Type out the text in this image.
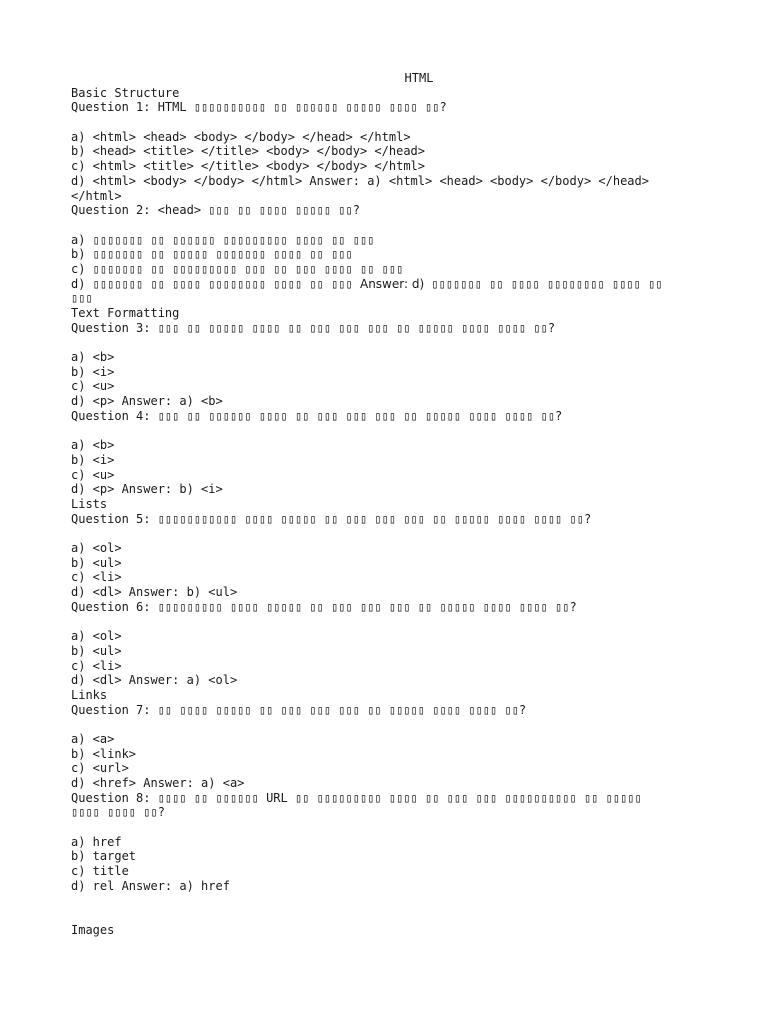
HTML
Basic Structure
Question 1: HTML ▯▯▯▯▯▯▯▯▯▯ ▯▯ ▯▯▯▯▯▯ ▯▯▯▯▯ ▯▯▯▯ ▯▯?
a) <html> <head> <body> </body> </head> </html>
b) <head> <title> </title> <body> </body> </head>
c) <html> <title> </title> <body> </body> </html>
d) <html> <body> </body> </html> Answer: a) <html> <head> <body> </body> </head>
</html>
Question 2: <head> ▯▯▯ ▯▯ ▯▯▯▯ ▯▯▯▯▯ ▯▯?
a) ▯▯▯▯▯▯▯ ▯▯ ▯▯▯▯▯▯ ▯▯▯▯▯▯▯▯▯ ▯▯▯▯ ▯▯ ▯▯▯
b) ▯▯▯▯▯▯▯ ▯▯ ▯▯▯▯▯ ▯▯▯▯▯▯▯ ▯▯▯▯ ▯▯ ▯▯▯
c) ▯▯▯▯▯▯▯ ▯▯ ▯▯▯▯▯▯▯▯▯ ▯▯▯ ▯▯ ▯▯▯ ▯▯▯▯ ▯▯ ▯▯▯
d) ▯▯▯▯▯▯▯ ▯▯ ▯▯▯▯ ▯▯▯▯▯▯▯▯ ▯▯▯▯ ▯▯ ▯▯▯ Answer: d) ▯▯▯▯▯▯▯ ▯▯ ▯▯▯▯ ▯▯▯▯▯▯▯▯ ▯▯▯▯ ▯▯
▯▯▯
Text Formatting
Question 3: ▯▯▯ ▯▯ ▯▯▯▯▯ ▯▯▯▯ ▯▯ ▯▯▯ ▯▯▯ ▯▯▯ ▯▯ ▯▯▯▯▯ ▯▯▯▯ ▯▯▯▯ ▯▯?
a) <b>
b) <i>
c) <u>
d) <p> Answer: a) <b>
Question 4: ▯▯▯ ▯▯ ▯▯▯▯▯▯ ▯▯▯▯ ▯▯ ▯▯▯ ▯▯▯ ▯▯▯ ▯▯ ▯▯▯▯▯ ▯▯▯▯ ▯▯▯▯ ▯▯?
a) <b>
b) <i>
c) <u>
d) <p> Answer: b) <i>
Lists
Question 5: ▯▯▯▯▯▯▯▯▯▯▯ ▯▯▯▯ ▯▯▯▯▯ ▯▯ ▯▯▯ ▯▯▯ ▯▯▯ ▯▯ ▯▯▯▯▯ ▯▯▯▯ ▯▯▯▯ ▯▯?
a) <ol>
b) <ul>
c) <li>
d) <dl> Answer: b) <ul>
Question 6: ▯▯▯▯▯▯▯▯▯ ▯▯▯▯ ▯▯▯▯▯ ▯▯ ▯▯▯ ▯▯▯ ▯▯▯ ▯▯ ▯▯▯▯▯ ▯▯▯▯ ▯▯▯▯ ▯▯?
a) <ol>
b) <ul>
c) <li>
d) <dl> Answer: a) <ol>
Links
Question 7: ▯▯ ▯▯▯▯ ▯▯▯▯▯ ▯▯ ▯▯▯ ▯▯▯ ▯▯▯ ▯▯ ▯▯▯▯▯ ▯▯▯▯ ▯▯▯▯ ▯▯?
a) <a>
b) <link>
c) <url>
d) <href> Answer: a) <a>
Question 8: ▯▯▯▯ ▯▯ ▯▯▯▯▯▯ URL ▯▯ ▯▯▯▯▯▯▯▯▯ ▯▯▯▯ ▯▯ ▯▯▯ ▯▯▯ ▯▯▯▯▯▯▯▯▯▯ ▯▯ ▯▯▯▯▯
▯▯▯▯ ▯▯▯▯ ▯▯?
a) href
b) target
c) title
d) rel Answer: a) href
Images
